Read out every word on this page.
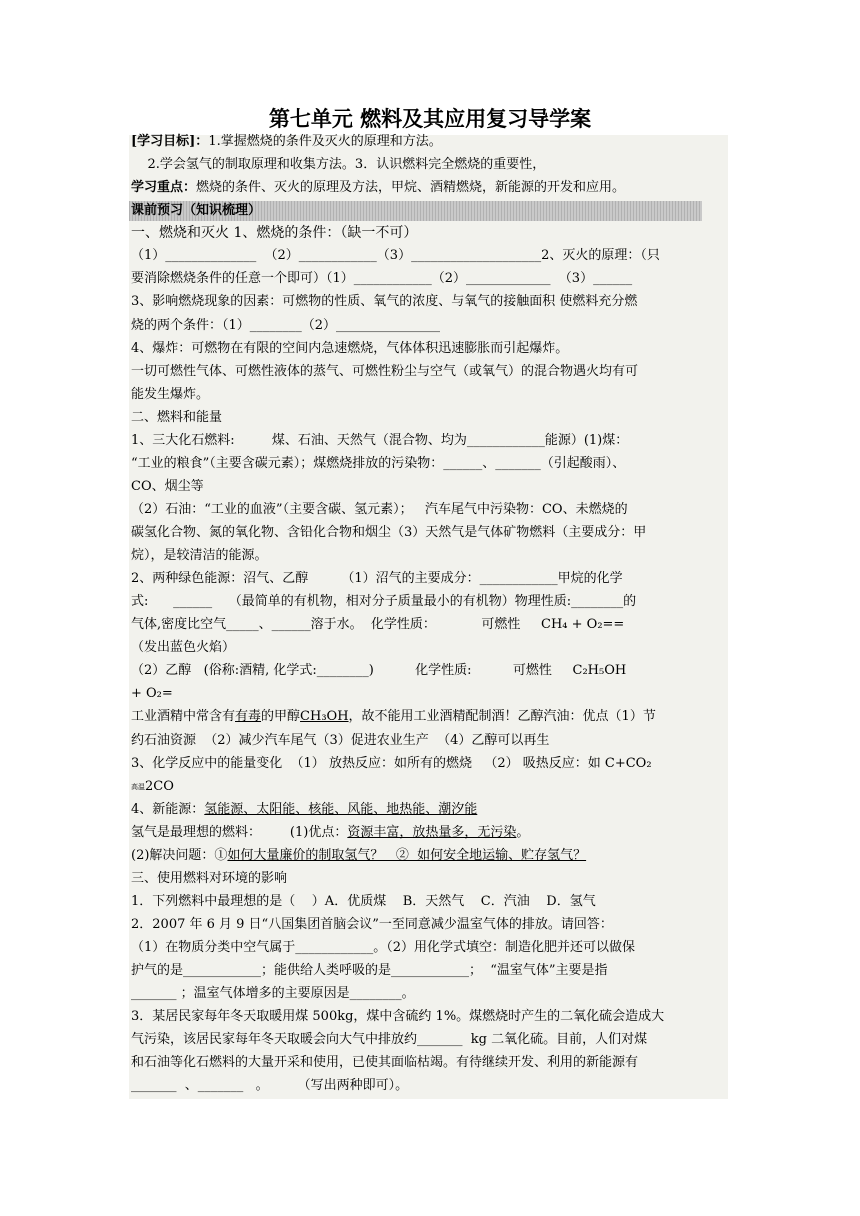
第七单元 燃料及其应用复习导学案
[学习目标]：1.掌握燃烧的条件及灭火的原理和方法。
2.学会氢气的制取原理和收集方法。3．认识燃料完全燃烧的重要性，
学习重点：燃烧的条件、灭火的原理及方法，甲烷、酒精燃烧，新能源的开发和应用。
课前预习（知识梳理）
一、燃烧和灭火 1、燃烧的条件：（缺一不可）
（1）______________  （2）____________（3）____________________2、灭火的原理：（只
要消除燃烧条件的任意一个即可）（1）____________（2）_____________  （3）______
3、影响燃烧现象的因素：可燃物的性质、氧气的浓度、与氧气的接触面积 使燃料充分燃
烧的两个条件：（1）________（2）________________
4、爆炸：可燃物在有限的空间内急速燃烧，气体体积迅速膨胀而引起爆炸。
一切可燃性气体、可燃性液体的蒸气、可燃性粉尘与空气（或氧气）的混合物遇火均有可
能发生爆炸。
二、燃料和能量
1、三大化石燃料:         煤、石油、天然气（混合物、均为____________能源）(1)煤：
“工业的粮食”（主要含碳元素）；煤燃烧排放的污染物：______、_______（引起酸雨）、
CO、烟尘等
（2）石油：“工业的血液”（主要含碳、氢元素）；   汽车尾气中污染物：CO、未燃烧的
碳氢化合物、氮的氧化物、含铅化合物和烟尘（3）天然气是气体矿物燃料（主要成分：甲
烷），是较清洁的能源。
2、两种绿色能源：沼气、乙醇        （1）沼气的主要成分：____________甲烷的化学
式:      ______    （最简单的有机物，相对分子质量最小的有机物）物理性质:________的
气体,密度比空气_____、______溶于水。  化学性质：           可燃性     CH₄ + O₂==
（发出蓝色火焰）
（2）乙醇   (俗称:酒精, 化学式:________)          化学性质:          可燃性     C₂H₅OH
+ O₂=
工业酒精中常含有有毒的甲醇CH₃OH，故不能用工业酒精配制酒！乙醇汽油：优点（1）节
约石油资源  （2）减少汽车尾气（3）促进农业生产  （4）乙醇可以再生
3、化学反应中的能量变化  （1） 放热反应：如所有的燃烧   （2） 吸热反应：如 C+CO₂
$^{高温}$2CO
4、新能源：氢能源、太阳能、核能、风能、地热能、潮汐能
氢气是最理想的燃料：       (1)优点：资源丰富，放热量多，无污染。
(2)解决问题：①如何大量廉价的制取氢气？   ②  如何安全地运输、贮存氢气？
三、使用燃料对环境的影响
1．下列燃料中最理想的是（    ）A．优质煤    B．天然气    C．汽油    D．氢气
2．2007 年 6 月 9 日“八国集团首脑会议”一至同意减少温室气体的排放。请回答：
（1）在物质分类中空气属于____________。（2）用化学式填空：制造化肥并还可以做保
护气的是____________；能供给人类呼吸的是____________；  “温室气体”主要是指
_______ ；温室气体增多的主要原因是________。
3．某居民家每年冬天取暖用煤 500kg，煤中含硫约 1%。煤燃烧时产生的二氧化硫会造成大
气污染，该居民家每年冬天取暖会向大气中排放约_______  kg 二氧化硫。目前，人们对煤
和石油等化石燃料的大量开采和使用，已使其面临枯竭。有待继续开发、利用的新能源有
_______  、_______   。       （写出两种即可）。
